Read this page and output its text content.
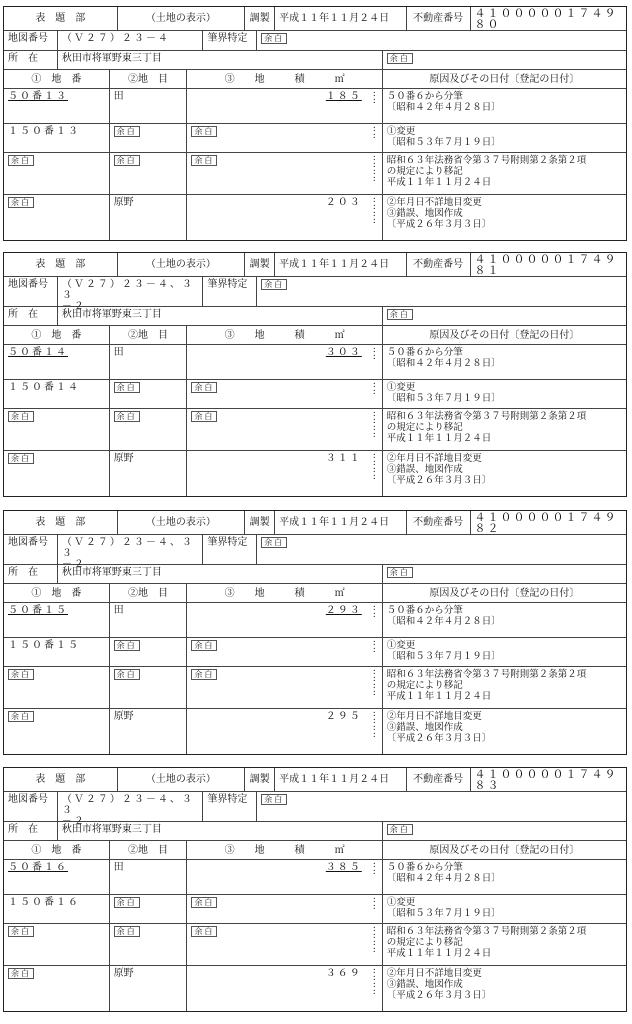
表　題　部	（土地の表示）	調製 平成１１年１１月２４日	不動産番号	４１０００００１７４９８０
地図番号	（Ｖ２７）２３－４	筆界特定	余白
所　在	秋田市将軍野東三丁目	余白
①　地　番	②地　目	③　　地　　　積　　　㎡	原因及びその日付〔登記の日付〕
５０番１３	田	１８５ :
:	５０番６から分筆
〔昭和４２年４月２８日〕
１５０番１３	余白	余白	:
:	①変更
〔昭和５３年７月１９日〕
余白	余白	余白	:
:
:
:
昭和６３年法務省令第３７号附則第２条第２項
の規定により移記
平成１１年１１月２４日
余白	原野	２０３ :
:
:
:
②年月日不詳地目変更
③錯誤、地図作成
〔平成２６年３月３日〕
表　題　部	（土地の表示）	調製 平成１１年１１月２４日	不動産番号	４１０００００１７４９８１
地図番号	（Ｖ２７）２３－４、３３
－２
筆界特定	余白
所　在	秋田市将軍野東三丁目	余白
①　地　番	②地　目	③　　地　　　積　　　㎡	原因及びその日付〔登記の日付〕
５０番１４	田	３０３ :
:	５０番６から分筆
〔昭和４２年４月２８日〕
１５０番１４	余白	余白	:
:	①変更
〔昭和５３年７月１９日〕
余白	余白	余白	:
:
:
:
昭和６３年法務省令第３７号附則第２条第２項
の規定により移記
平成１１年１１月２４日
余白	原野	３１１ :
:
:
:
②年月日不詳地目変更
③錯誤、地図作成
〔平成２６年３月３日〕
表　題　部	（土地の表示）	調製 平成１１年１１月２４日	不動産番号	４１０００００１７４９８２
地図番号	（Ｖ２７）２３－４、３３
－２
筆界特定	余白
所　在	秋田市将軍野東三丁目	余白
①　地　番	②地　目	③　　地　　　積　　　㎡	原因及びその日付〔登記の日付〕
５０番１５	田	２９３ :
:	５０番６から分筆
〔昭和４２年４月２８日〕
１５０番１５	余白	余白	:
:	①変更
〔昭和５３年７月１９日〕
余白	余白	余白	:
:
:
:
昭和６３年法務省令第３７号附則第２条第２項
の規定により移記
平成１１年１１月２４日
余白	原野	２９５ :
:
:
:
②年月日不詳地目変更
③錯誤、地図作成
〔平成２６年３月３日〕
表　題　部	（土地の表示）	調製 平成１１年１１月２４日	不動産番号	４１０００００１７４９８３
地図番号	（Ｖ２７）２３－４、３３
－２
筆界特定	余白
所　在	秋田市将軍野東三丁目	余白
①　地　番	②地　目	③　　地　　　積　　　㎡	原因及びその日付〔登記の日付〕
５０番１６	田	３８５ :
:	５０番６から分筆
〔昭和４２年４月２８日〕
１５０番１６	余白	余白	:
:	①変更
〔昭和５３年７月１９日〕
余白	余白	余白	:
:
:
:
昭和６３年法務省令第３７号附則第２条第２項
の規定により移記
平成１１年１１月２４日
余白	原野	３６９ :
:
:
:
②年月日不詳地目変更
③錯誤、地図作成
〔平成２６年３月３日〕
